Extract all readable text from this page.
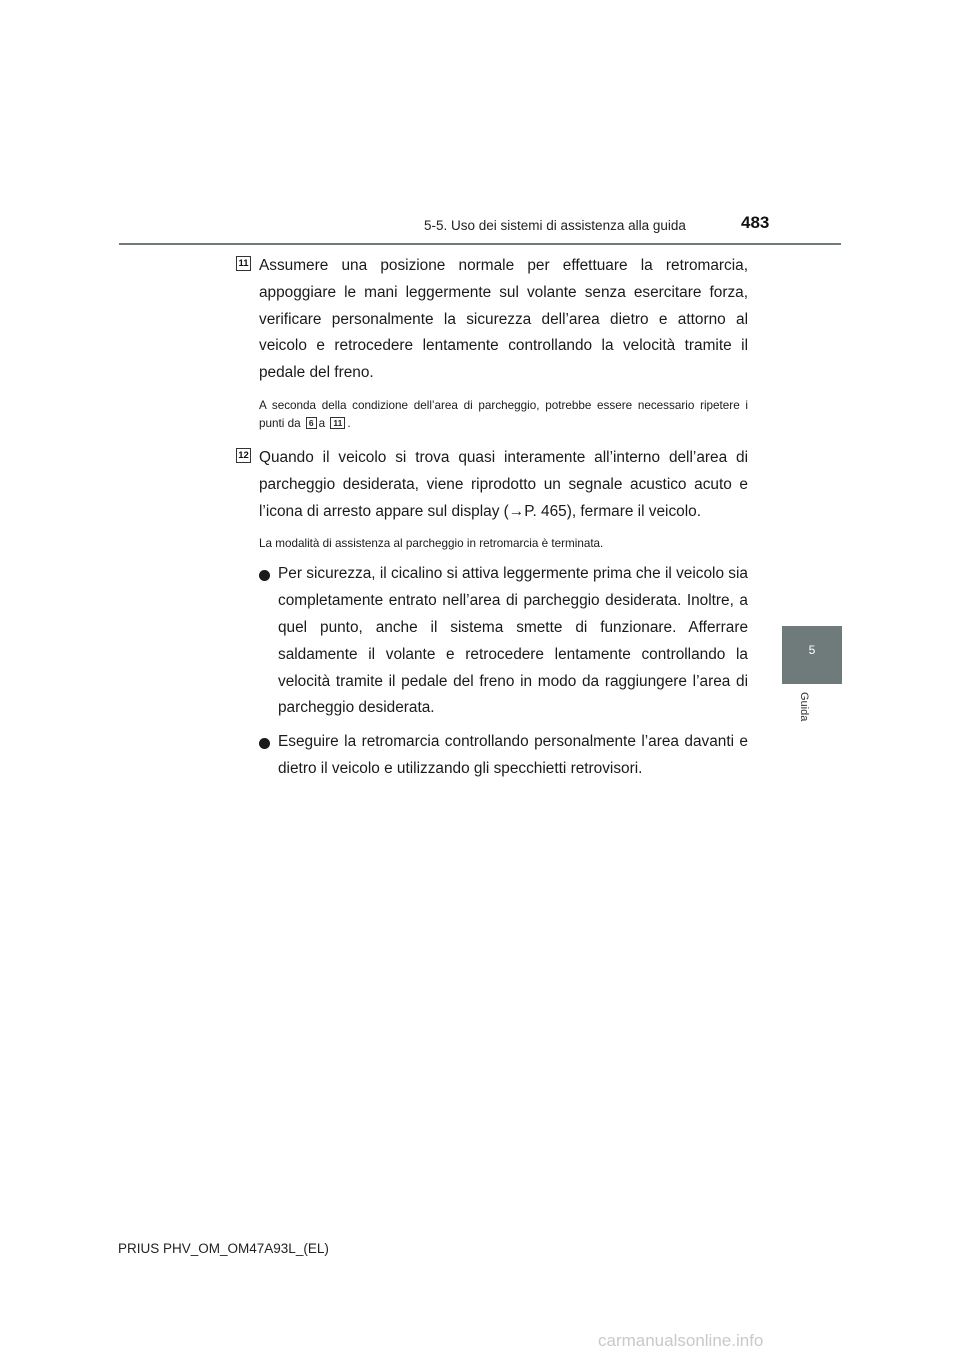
5-5. Uso dei sistemi di assistenza alla guida	483
5
Guida
11 Assumere una posizione normale per effettuare la retromarcia, appoggiare le mani leggermente sul volante senza esercitare forza, verificare personalmente la sicurezza dell’area dietro e attorno al veicolo e retrocedere lentamente controllando la velocità tramite il pedale del freno.

A seconda della condizione dell’area di parcheggio, potrebbe essere necessario ripetere i punti da 6 a 11 .
12 Quando il veicolo si trova quasi interamente all’interno dell’area di parcheggio desiderata, viene riprodotto un segnale acustico acuto e l’icona di arresto appare sul display (→P. 465), fermare il veicolo.

La modalità di assistenza al parcheggio in retromarcia è terminata.

Per sicurezza, il cicalino si attiva leggermente prima che il veicolo sia completamente entrato nell’area di parcheggio desiderata. Inoltre, a quel punto, anche il sistema smette di funzionare. Afferrare saldamente il volante e retrocedere lentamente controllando la velocità tramite il pedale del freno in modo da raggiungere l’area di parcheggio desiderata.

Eseguire la retromarcia controllando personalmente l’area davanti e dietro il veicolo e utilizzando gli specchietti retrovisori.

PRIUS PHV_OM_OM47A93L_(EL)
carmanualsonline.info
